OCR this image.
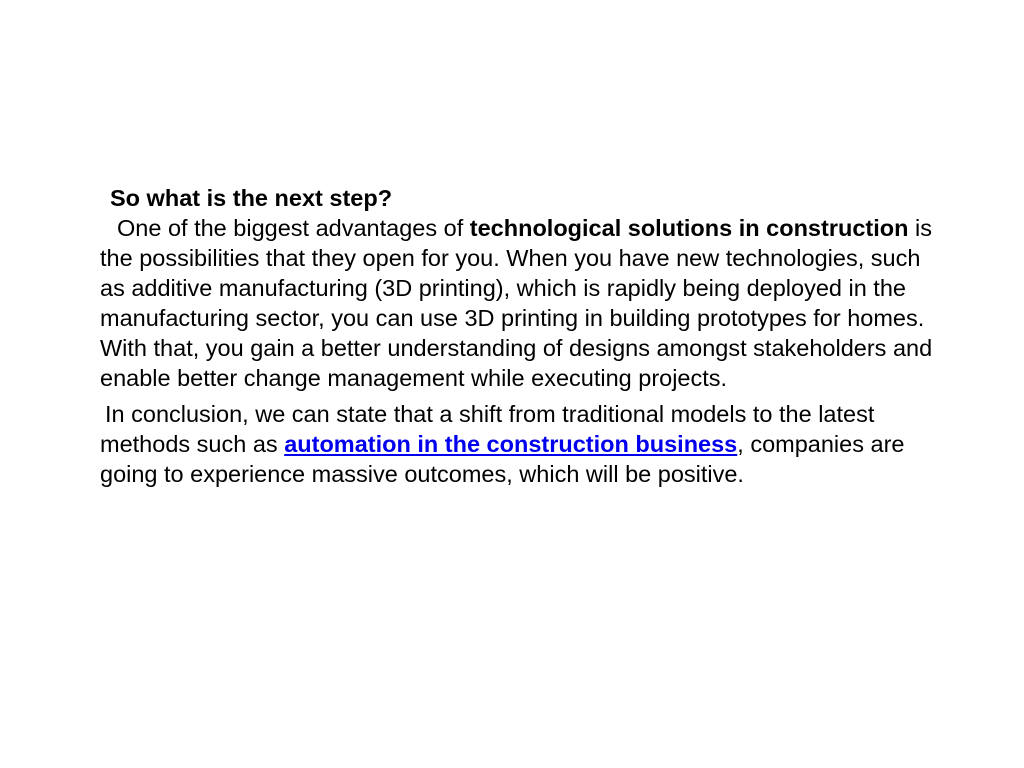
So what is the next step?

One of the biggest advantages of technological solutions in construction is the possibilities that they open for you. When you have new technologies, such as additive manufacturing (3D printing), which is rapidly being deployed in the manufacturing sector, you can use 3D printing in building prototypes for homes. With that, you gain a better understanding of designs amongst stakeholders and enable better change management while executing projects.

In conclusion, we can state that a shift from traditional models to the latest methods such as automation in the construction business, companies are going to experience massive outcomes, which will be positive.
